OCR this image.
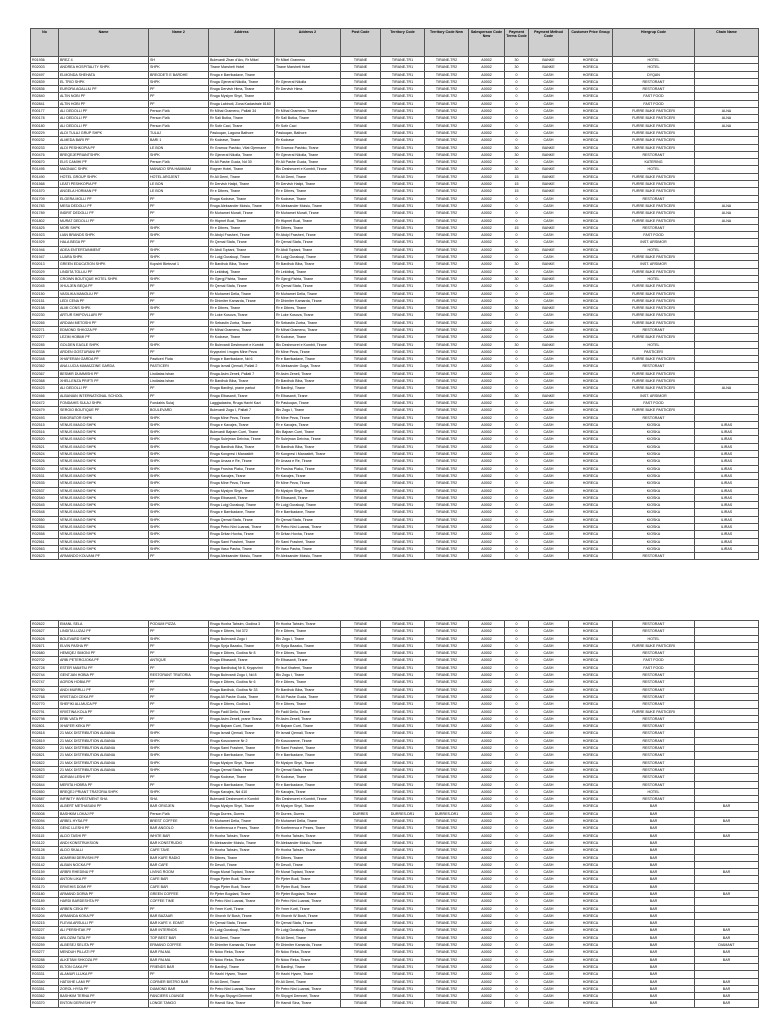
No	Name	Name 2	Address	Address 2	Post Code	Territory Code	Territory Code New	Salesperson Code New	Payment Terms Code	Payment Method Code	Customer Price Group	Hiergrup Code	Chain Name
R01936	BREZ 4	SH	Bulevardi Zhan d'Arc, Rr Mikel	Rr Mikel Grameno	TIRANE	TIRANE-TR1	TIRANE-TR2	A0002	30	BANKE	HORECA	HOTEL	
R02003	ANDREA HOSPITALITY SHPK	SHPK	Tirane Marsheti Hotel	Tirane Marsheti Hotel	TIRANE	TIRANE-TR1	TIRANE-TR2	A0002	30	BANKE	HORECA	HOTEL	
R02497	ELMONDA SHEHATA	BREGDETI E BARDHE	Rruga e Barrikadave, Tirane		TIRANE	TIRANE-TR1	TIRANE-TR2	A0002	0	CASH	HORECA	DYQAN	
R02839	EL TRIO SHPK	SHPK	Rruga Gjeneral Nikolla, Tirane	Rr Gjeneral Nikolla	TIRANE	TIRANE-TR1	TIRANE-TR2	A0002	0	CASH	HORECA	RESTORANT	
R02836	EURORA AGALLIU PF	PF	Rruga Dervish Hima, Tirane	Rr Dervish Hima	TIRANE	TIRANE-TR1	TIRANE-TR2	A0002	0	CASH	HORECA	RESTORANT	
R02840	ALTIN NOBI PF	PF	Rruga Myslym Shyri, Tirane		TIRANE	TIRANE-TR1	TIRANE-TR2	A0002	0	CASH	HORECA	FAST FOOD	
R02841	ALTIN HOBI PF	PF	Rruga Labinoti, Zona Kadastrale 8160		TIRANE	TIRANE-TR1	TIRANE-TR2	A0002	0	CASH	HORECA	FAST FOOD	
R00177	ALI DEDOLLI PF	Person Fizik	Rr Mihal Grameno, Pallati 34	Rr Mihal Grameno, Tirane	TIRANE	TIRANE-TR1	TIRANE-TR2	A0002	0	CASH	HORECA	FURRE BUKE PASTICERI	ALNA
R00178	ALI DEDOLLI PF	Person Fizik	Rr Sali Butka, Tirane	Rr Sali Butka, Tirane	TIRANE	TIRANE-TR1	TIRANE-TR2	A0002	0	CASH	HORECA	FURRE BUKE PASTICERI	ALNA
R00180	ALI DEDOLLI PF	Person Fizik	Rr Sotir Caci, Tirane	Rr Sotir Caci	TIRANE	TIRANE-TR1	TIRANE-TR2	A0002	0	CASH	HORECA	FURRE BUKE PASTICERI	ALNA
R00229	ALDI TULAJ GRUP SHPK	TULAJ	Paskuqan, Laguna Bathore	Paskuqan, Bathore	TIRANE	TIRANE-TR1	TIRANE-TR2	A0002	0	CASH	HORECA	FURRE BUKE PASTICERI	
R00232	ALMEDA BARI PF	BARI 1	Rr Kodrave, Tirane	Rr Kodrave	TIRANE	TIRANE-TR1	TIRANE-TR2	A0002	0	CASH	HORECA	FURRE BUKE PASTICERI	
R00233	ALDI PESHKOPIA PF	LE BON	Rr Gramoz Pashko, Vilat Gjermane	Rr Gramoz Pashko, Tirane	TIRANE	TIRANE-TR1	TIRANE-TR2	A0002	30	BANKE	HORECA	FURRE BUKE PASTICERI	
R00476	BREQEJEPRIANTSHPK	SHPK	Rr Gjeneral Nikolla, Tirane	Rr Gjeneral Nikolla, Tirane	TIRANE	TIRANE-TR1	TIRANE-TR2	A0002	30	BANKE	HORECA	RESTORANT	
R00670	ELIS CAMIHI PF	Person Fizik	Rr Ali Pashe Gucia, Nd 30	Rr Ali Pashe Gucia, Tirane	TIRANE	TIRANE-TR1	TIRANE-TR2	A0002	0	CASH	HORECA	KATERING	
R01495	MAGNAIC SHPK	MANADO SPA HAMMAM	Rogner Hotel, Tirane	Blv Deshmoret e Kombit, Tirane	TIRANE	TIRANE-TR1	TIRANE-TR2	A0002	30	BANKE	HORECA	HOTEL	
R01490	HOTEL GROUP SHPK	HOTEL ARGJENT	Rr Ali Demi, Tirane	Rr Ali Demi, Tirane	TIRANE	TIRANE-TR1	TIRANE-TR2	A0002	15	BANKE	HORECA	FURRE BUKE PASTICERI	
R01568	LEATI PESHKOPIA PF	LE BON	Rr Dervish Hatipi, Tirane	Rr Dervish Hatipi, Tirane	TIRANE	TIRANE-TR1	TIRANE-TR2	A0002	15	BANKE	HORECA	FURRE BUKE PASTICERI	
R01570	ANGELA HORMAN PF	LE BON	Rr e Dibres, Tirane	Rr e Dibres, Tirane	TIRANE	TIRANE-TR1	TIRANE-TR2	A0002	15	BANKE	HORECA	FURRE BUKE PASTICERI	
R01709	ELGERA MOLLI PF	PF	Rruga Kodrave, Tirane	Rr Kodrave, Tirane	TIRANE	TIRANE-TR1	TIRANE-TR2	A0002	0	CASH	HORECA	RESTORANT	
R01783	MESA DEDOLLI PF	PF	Rruga Aleksander Moisiu, Tirane	Rr Aleksander Moisiu, Tirane	TIRANE	TIRANE-TR1	TIRANE-TR2	A0002	0	CASH	HORECA	FURRE BUKE PASTICERI	ALNA
R01789	INDRIT DEDOLLI PF	PF	Rr Muhamet Murati, Tirane	Rr Muhamet Murati, Tirane	TIRANE	TIRANE-TR1	TIRANE-TR2	A0002	0	CASH	HORECA	FURRE BUKE PASTICERI	ALNA
R01802	MURAT DEDOLLI PF	PF	Rr Hiqmet Buzi, Tirane	Rr Hiqmet Buzi, Tirane	TIRANE	TIRANE-TR1	TIRANE-TR2	A0002	0	CASH	HORECA	FURRE BUKE PASTICERI	ALNA
R01825	MORI SHPK	SHPK	Rr e Dibres, Tirane	Rr Dibres, Tirane	TIRANE	TIRANE-TR1	TIRANE-TR2	A0002	15	BANKE	HORECA	RESTORANT	
R01923	LIAN BRANDS SHPK	SHPK	Rr Abdyl Frasheri, Tirane	Rr Abdyl Frasheri, Tirane	TIRANE	TIRANE-TR1	TIRANE-TR2	A0002	0	CASH	HORECA	FAST FOOD	
R01929	HALA BEGA PF	PF	Rr Qemal Stafa, Tirane	Rr Qemal Stafa, Tirane	TIRANE	TIRANE-TR1	TIRANE-TR2	A0002	0	CASH	HORECA	INST. ARSIMOR	
R01946	ADEA ENTERTAINMENT	SHPK	Rr Abdi Toptani, Tirane	Rr Abdi Toptani, Tirane	TIRANE	TIRANE-TR1	TIRANE-TR2	A0002	30	BANKE	HORECA	HOTEL	
R01947	LUARA SHPK	SHPK	Rr Luigj Gurakuqi, Tirane	Rr Luigj Gurakuqi, Tirane	TIRANE	TIRANE-TR1	TIRANE-TR2	A0002	0	CASH	HORECA	FURRE BUKE PASTICERI	
R02013	GREEN EDUCATION SHPK	Kopshti Bletezat 1	Rr Bardhok Biba, Tirane	Rr Bardhok Biba, Tirane	TIRANE	TIRANE-TR1	TIRANE-TR2	A0002	30	BANKE	HORECA	INST. ARSIMOR	
R02029	LINDITA TOLLIU PF	PF	Rr Lekbibaj, Tirane	Rr Lekbibaj, Tirane	TIRANE	TIRANE-TR1	TIRANE-TR2	A0002	0	CASH	HORECA	FURRE BUKE PASTICERI	
R02036	CROWN BOUTIQUE HOTEL SHPK	SHPK	Rr Gjergj Fishta, Tirane	Rr Gjergj Fishta, Tirane	TIRANE	TIRANE-TR1	TIRANE-TR2	A0002	30	BANKE	HORECA	HOTEL	
R02045	XHULJEN BEQA PF	PF	Rr Qemal Stafa, Tirane	Rr Qemal Stafa, Tirane	TIRANE	TIRANE-TR1	TIRANE-TR2	A0002	0	CASH	HORECA	FURRE BUKE PASTICERI	
R02150	VASILIKA MANOLIU PF	PF	Rr Muhamet Delia, Tirane	Rr Muhamet Delia, Tirane	TIRANE	TIRANE-TR1	TIRANE-TR2	A0002	0	CASH	HORECA	FURRE BUKE PASTICERI	
R02151	LEDI CENA PF	PF	Rr Dhimiter Kamarda, Tirane	Rr Dhimiter Kamarda, Tirane	TIRANE	TIRANE-TR1	TIRANE-TR2	A0002	0	CASH	HORECA	FURRE BUKE PASTICERI	
R02158	ALMI CONS SHPK	SHPK	Rr e Dibres, Tirane	Rr e Dibres, Tirane	TIRANE	TIRANE-TR1	TIRANE-TR2	A0002	30	BANKE	HORECA	FURRE BUKE PASTICERI	
R02230	ARTUR SHIPOVLLARI PF	PF	Rr Loke Kosova, Tirane	Rr Loke Kosova, Tirane	TIRANE	TIRANE-TR1	TIRANE-TR2	A0002	0	CASH	HORECA	FURRE BUKE PASTICERI	
R02265	ARDIAN METOSHI PF	PF	Rr Sebastin Zorba, Tirane	Rr Sebastin Zorba, Tirane	TIRANE	TIRANE-TR1	TIRANE-TR2	A0002	0	CASH	HORECA	FURRE BUKE PASTICERI	
R02271	EDMOND SHKOZA PF	PF	Rr Mihal Grameno, Tirane	Rr Mihal Grameno, Tirane	TIRANE	TIRANE-TR1	TIRANE-TR2	A0002	0	CASH	HORECA	RESTORANT	
R02277	LEZIM HOBIMI PF	PF	Rr Kodrave, Tirane	Rr Kodrave, Tirane	TIRANE	TIRANE-TR1	TIRANE-TR2	A0002	0	CASH	HORECA	FURRE BUKE PASTICERI	
R02285	GOLDEN EAGLE SHPK	SHPK	Rr Bulevardi Deshmoret e Kombit	Blv Deshmoret e Kombit, Tirane	TIRANE	TIRANE-TR1	TIRANE-TR2	A0002	30	BANKE	HORECA	HOTEL	
R02338	ARDEN GOSTURANI PF	PF	Kryqezimi i rruges Mine Peza	Rr Mine Peza, Tirane	TIRANE	TIRANE-TR1	TIRANE-TR2	A0002	0	CASH	HORECA	PASTICERI	
R02348	XHAFERAN GARDA PF	Pasticeri Fluta	Rruga e Barrikadave, Nd 6	Rr e Barrikadave, Tirane	TIRANE	TIRANE-TR1	TIRANE-TR2	A0002	0	CASH	HORECA	FURRE BUKE PASTICERI	
R02362	ANA LUCIA MAMAZZINE GARDA	PASTICERI	Rruga Ismail Qemali, Pallati 2	Rr Aleksander Goga, Tirane	TIRANE	TIRANE-TR1	TIRANE-TR2	A0002	0	CASH	HORECA	RESTORANT	
R02367	BESMIR DUMMISHI PF	Lindlatas Ishan	Rruga Asim Zeneli, Pallati 7	Rr Asim Zeneli, Tirane	TIRANE	TIRANE-TR1	TIRANE-TR2	A0002	0	CASH	HORECA	FURRE BUKE PASTICERI	
R02368	XHELLENZA PRIFTI PF	Lindlatas Ishan	Rr Bardhok Biba, Tirane	Rr Bardhok Biba, Tirane	TIRANE	TIRANE-TR1	TIRANE-TR2	A0002	0	CASH	HORECA	FURRE BUKE PASTICERI	
R02423	ALI DEDOLLI PF	PF	Rruga Bardhyl, prane parkut	Rr Bardhyl, Tirane	TIRANE	TIRANE-TR1	TIRANE-TR2	A0002	0	CASH	HORECA	FURRE BUKE PASTICERI	ALNA
R02466	ALBANIAN INTERNATIONAL SCHOOL	PF	Rruga Elbasanit, Tirane	Rr Elbasanit, Tirane	TIRANE	TIRANE-TR1	TIRANE-TR2	A0002	30	BANKE	HORECA	INST. ARSIMOR	
R02472	FONDAHIS SULAJ SHPK	Fondahis Sulaj	Laggjadastra, Rruga Haxhi Kazi	Rr Paskuqan, Tirane	TIRANE	TIRANE-TR1	TIRANE-TR2	A0002	0	CASH	HORECA	FAST FOOD	
R02479	SERGIO BOUTIQUE PF	BOULEVARD	Bulevardi Zogu I, Pallati 7	Blv Zogu I, Tirane	TIRANE	TIRANE-TR1	TIRANE-TR2	A0002	0	CASH	HORECA	FURRE BUKE PASTICERI	
R02493	EMIGRATOR SHPK	SHPK	Rruga Mine Peza, Tirane	Rr Mine Peza, Tirane	TIRANE	TIRANE-TR1	TIRANE-TR2	A0002	0	CASH	HORECA	RESTORANT	
R02515	VENUS IMAGO SHPK	SHPK	Rruga e Kavajes, Tirane	Rr e Kavajes, Tirane	TIRANE	TIRANE-TR1	TIRANE-TR2	A0002	0	CASH	HORECA	KIOSKA	ILIRAS
R02516	VENUS IMAGO SHPK	SHPK	Bulevardi Bajram Curri, Tirane	Blv Bajram Curri, Tirane	TIRANE	TIRANE-TR1	TIRANE-TR2	A0002	0	CASH	HORECA	KIOSKA	ILIRAS
R02520	VENUS IMAGO SHPK	SHPK	Rruga Sulejman Delvina, Tirane	Rr Sulejman Delvina, Tirane	TIRANE	TIRANE-TR1	TIRANE-TR2	A0002	0	CASH	HORECA	KIOSKA	ILIRAS
R02521	VENUS IMAGO SHPK	SHPK	Rruga Bardhok Biba, Tirane	Rr Bardhok Biba, Tirane	TIRANE	TIRANE-TR1	TIRANE-TR2	A0002	0	CASH	HORECA	KIOSKA	ILIRAS
R02524	VENUS IMAGO SHPK	SHPK	Rruga Kongresi i Manastirit	Rr Kongresi i Manastirit, Tirane	TIRANE	TIRANE-TR1	TIRANE-TR2	A0002	0	CASH	HORECA	KIOSKA	ILIRAS
R02526	VENUS IMAGO SHPK	SHPK	Rruga Unaza e Re, Tirane	Rr Unaza e Re, Tirane	TIRANE	TIRANE-TR1	TIRANE-TR2	A0002	0	CASH	HORECA	KIOSKA	ILIRAS
R02530	VENUS IMAGO SHPK	SHPK	Rruga Frosina Plaku, Tirane	Rr Frosina Plaku, Tirane	TIRANE	TIRANE-TR1	TIRANE-TR2	A0002	0	CASH	HORECA	KIOSKA	ILIRAS
R02531	VENUS IMAGO SHPK	SHPK	Rruga Kavajes, Tirane	Rr Kavajes, Tirane	TIRANE	TIRANE-TR1	TIRANE-TR2	A0002	0	CASH	HORECA	KIOSKA	ILIRAS
R02535	VENUS IMAGO SHPK	SHPK	Rruga Mine Peza, Tirane	Rr Mine Peza, Tirane	TIRANE	TIRANE-TR1	TIRANE-TR2	A0002	0	CASH	HORECA	KIOSKA	ILIRAS
R02537	VENUS IMAGO SHPK	SHPK	Rruga Myslym Shyri, Tirane	Rr Myslym Shyri, Tirane	TIRANE	TIRANE-TR1	TIRANE-TR2	A0002	0	CASH	HORECA	KIOSKA	ILIRAS
R02540	VENUS IMAGO SHPK	SHPK	Rruga Elbasanit, Tirane	Rr Elbasanit, Tirane	TIRANE	TIRANE-TR1	TIRANE-TR2	A0002	0	CASH	HORECA	KIOSKA	ILIRAS
R02545	VENUS IMAGO SHPK	SHPK	Rruga Luigj Gurakuqi, Tirane	Rr Luigj Gurakuqi, Tirane	TIRANE	TIRANE-TR1	TIRANE-TR2	A0002	0	CASH	HORECA	KIOSKA	ILIRAS
R02548	VENUS IMAGO SHPK	SHPK	Rruga e Barrikadave, Tirane	Rr e Barrikadave, Tirane	TIRANE	TIRANE-TR1	TIRANE-TR2	A0002	0	CASH	HORECA	KIOSKA	ILIRAS
R02550	VENUS IMAGO SHPK	SHPK	Rruga Qemal Stafa, Tirane	Rr Qemal Stafa, Tirane	TIRANE	TIRANE-TR1	TIRANE-TR2	A0002	0	CASH	HORECA	KIOSKA	ILIRAS
R02554	VENUS IMAGO SHPK	SHPK	Rruga Petro Nini Luarasi, Tirane	Rr Petro Nini Luarasi, Tirane	TIRANE	TIRANE-TR1	TIRANE-TR2	A0002	0	CASH	HORECA	KIOSKA	ILIRAS
R02558	VENUS IMAGO SHPK	SHPK	Rruga Dritan Hoxha, Tirane	Rr Dritan Hoxha, Tirane	TIRANE	TIRANE-TR1	TIRANE-TR2	A0002	0	CASH	HORECA	KIOSKA	ILIRAS
R02561	VENUS IMAGO SHPK	SHPK	Rruga Sami Frasheri, Tirane	Rr Sami Frasheri, Tirane	TIRANE	TIRANE-TR1	TIRANE-TR2	A0002	0	CASH	HORECA	KIOSKA	ILIRAS
R02563	VENUS IMAGO SHPK	SHPK	Rruga Vaso Pasha, Tirane	Rr Vaso Pasha, Tirane	TIRANE	TIRANE-TR1	TIRANE-TR2	A0002	0	CASH	HORECA	KIOSKA	ILIRAS
R02623	ARMANDO KOLVANI PF	PF	Rruga Aleksander Moisiu, Tirane	Rr Aleksander Moisiu, Tirane	TIRANE	TIRANE-TR1	TIRANE-TR2	A0002	0	CASH	HORECA	RESTORANT	
R02622	EMANL SELA	PODIUM PIZZA	Rruga Hoxha Tahsim, Godina 3	Rr Hoxha Tahsim, Tirane	TIRANE	TIRANE-TR1	TIRANE-TR2	A0002	0	CASH	HORECA	RESTORANT	
R02627	LINDITA LUZAJ PF	PF	Rruga e Dibres, Nd 372	Rr e Dibres, Tirane	TIRANE	TIRANE-TR1	TIRANE-TR2	A0002	0	CASH	HORECA	RESTORANT	
R02628	BOLEVARD SHPK	SHPK	Rruga Bulevardi Zogu I	Blv Zogu I, Tirane	TIRANE	TIRANE-TR1	TIRANE-TR2	A0002	0	CASH	HORECA	HOTEL	
R02671	ELVIN PASHA PF	PF	Rruga Syrja Bazaku, Tirane	Rr Syrja Bazaku, Tirane	TIRANE	TIRANE-TR1	TIRANE-TR2	A0002	0	CASH	HORECA	FURRE BUKE PASTICERI	
R02680	HEMIQEJ SIMONI PF	PF	Rruga e Dibres, Godina Nr 8	Rr e Dibres, Tirane	TIRANE	TIRANE-TR1	TIRANE-TR2	A0002	0	CASH	HORECA	RESTORANT	
R02702	ARBI PETERGJOKA PF	ANTIQUE	Rruga Elbasanit, Tirane	Rr Elbasanit, Tirane	TIRANE	TIRANE-TR1	TIRANE-TR2	A0002	0	CASH	HORECA	FAST FOOD	
R02728	ESTER MAMTIU PF	PF	Rruga Bardhokaj Nr 8, Kryqezimi	Rr Isuf Xhaferri, Tirane	TIRANE	TIRANE-TR1	TIRANE-TR2	A0002	0	CASH	HORECA	FAST FOOD	
R02744	GENTJAN HOBIA PF	RESTORANT TRATORIA	Rruga Bulevardi Zogu I, Nd 8	Blv Zogu I, Tirane	TIRANE	TIRANE-TR1	TIRANE-TR2	A0002	0	CASH	HORECA	RESTORANT	
R02747	AGRON HOBIA PF	PF	Rruga e Dibres, Godina Nr 6	Rr e Dibres, Tirane	TIRANE	TIRANE-TR1	TIRANE-TR2	A0002	0	CASH	HORECA	RESTORANT	
R02760	ANDI MURRLLI PF	PF	Rruga Bardhok, Godina Nr 33	Rr Bardhok Biba, Tirane	TIRANE	TIRANE-TR1	TIRANE-TR2	A0002	0	CASH	HORECA	RESTORANT	
R02768	KRISTIADI CEKA PF	PF	Rruga Ali Pashe Gucia, Tirane	Rr Ali Pashe Gucia, Tirane	TIRANE	TIRANE-TR1	TIRANE-TR2	A0002	0	CASH	HORECA	RESTORANT	
R02770	SHEFIKI ALLMUCA PF	PF	Rruga e Dibres, Godina 1	Rr e Dibres, Tirane	TIRANE	TIRANE-TR1	TIRANE-TR2	A0002	0	CASH	HORECA	RESTORANT	
R02791	KRISTINA KOLA PF	PF	Rruga Fadil Deliu, Tirane	Rr Fadil Deliu, Tirane	TIRANE	TIRANE-TR1	TIRANE-TR2	A0002	0	CASH	HORECA	FURRE BUKE PASTICERI	
R02798	ERBI VATA PF	PF	Rruga Asim Zeneli, prane Tirana	Rr Asim Zeneli, Tirane	TIRANE	TIRANE-TR1	TIRANE-TR2	A0002	0	CASH	HORECA	RESTORANT	
R02801	XHAFER KEKA PF	PF	Rruga Bajram Curri, Tirane	Rr Bajram Curri, Tirane	TIRANE	TIRANE-TR1	TIRANE-TR2	A0002	0	CASH	HORECA	RESTORANT	
R02818	21 MAX DISTRIBUTION ALBANIA	SHPK	Rruga Ismail Qemali, Tirane	Rr Ismail Qemali, Tirane	TIRANE	TIRANE-TR1	TIRANE-TR2	A0002	0	CASH	HORECA	RESTORANT	
R02819	21 MAX DISTRIBUTION ALBANIA	SHPK	Rruga Kosovareve Nr 2	Rr Kosovareve, Tirane	TIRANE	TIRANE-TR1	TIRANE-TR2	A0002	0	CASH	HORECA	RESTORANT	
R02820	21 MAX DISTRIBUTION ALBANIA	SHPK	Rruga Sami Frasheri, Tirane	Rr Sami Frasheri, Tirane	TIRANE	TIRANE-TR1	TIRANE-TR2	A0002	0	CASH	HORECA	RESTORANT	
R02821	21 MAX DISTRIBUTION ALBANIA	SHPK	Rruga e Barrikadave, Tirane	Rr e Barrikadave, Tirane	TIRANE	TIRANE-TR1	TIRANE-TR2	A0002	0	CASH	HORECA	RESTORANT	
R02822	21 MAX DISTRIBUTION ALBANIA	SHPK	Rruga Myslym Shyri, Tirane	Rr Myslym Shyri, Tirane	TIRANE	TIRANE-TR1	TIRANE-TR2	A0002	0	CASH	HORECA	RESTORANT	
R02823	21 MAX DISTRIBUTION ALBANIA	SHPK	Rruga Qemal Stafa, Tirane	Rr Qemal Stafa, Tirane	TIRANE	TIRANE-TR1	TIRANE-TR2	A0002	0	CASH	HORECA	RESTORANT	
R02837	ADRIAN LESHI PF	PF	Rruga Kodrave, Tirane	Rr Kodrave, Tirane	TIRANE	TIRANE-TR1	TIRANE-TR2	A0002	0	CASH	HORECA	RESTORANT	
R02844	MERITA HOBRA PF	PF	Rruga e Barrikadave, Tirane	Rr e Barrikadave, Tirane	TIRANE	TIRANE-TR1	TIRANE-TR2	A0002	0	CASH	HORECA	RESTORANT	
R02850	BREQEJ PRIANT TRATORIA SHPK	SHPK	Rruga Kavajes, Nd 410	Rr Kavajes, Tirane	TIRANE	TIRANE-TR1	TIRANE-TR2	A0002	0	CASH	HORECA	HOTEL	
R02887	INFINITY INVESTMENT SHA	SHA	Bulevardi Deshmoret e Kombit	Blv Deshmoret e Kombit, Tirane	TIRANE	TIRANE-TR1	TIRANE-TR2	A0002	0	CASH	HORECA	RESTORANT	
R03001	ALBERT METHASANI PF	BAR ORIGJEN	Rruga Myslym Shyri, Tirane	Rr Myslym Shyri, Tirane	TIRANE	TIRANE-TR1	TIRANE-TR2	A0002	0	CASH	HORECA	BAR	BAR
R03008	BASHKIM LOKAJ PF	Person Fizik	Rruga Durres, Durres	Rr Durres, Durres	DURRES	DURRES-DR1	DURRES-DR1	A0003	0	CASH	HORECA	BAR	
R03094	ARBEL HYSA PF	BREST COFFEE	Rr Muhamet Delia, Tirane	Rr Muhamet Delia, Tirane	TIRANE	TIRANE-TR1	TIRANE-TR2	A0002	0	CASH	HORECA	BAR	BAR
R03101	GENC LLESHI PF	BAR ANGOLO	Rr Konferenca e Pezes, Tirane	Rr Konferenca e Pezes, Tirane	TIRANE	TIRANE-TR1	TIRANE-TR2	A0002	0	CASH	HORECA	BAR	
R03115	ALDO TASHI PF	WHITE BAR	Rr Hoxha Tahsim, Tirane	Rr Hoxha Tahsim, Tirane	TIRANE	TIRANE-TR1	TIRANE-TR2	A0002	0	CASH	HORECA	BAR	BAR
R03122	ANDI KONSTRUKSION	BAR KONSTRUDIO	Rr Aleksander Moisiu, Tirane	Rr Aleksander Moisiu, Tirane	TIRANE	TIRANE-TR1	TIRANE-TR2	A0002	0	CASH	HORECA	BAR	
R03128	ALDO SKALLI	CAFE TAVE	Rr Hoxha Tahsim, Tirane	Rr Hoxha Tahsim, Tirane	TIRANE	TIRANE-TR1	TIRANE-TR2	A0002	0	CASH	HORECA	BAR	
R03135	ADMIRIM DERVISHI PF	BAR KAFE RADIO	Rr Dibres, Tirane	Rr Dibres, Tirane	TIRANE	TIRANE-TR1	TIRANE-TR2	A0002	0	CASH	HORECA	BAR	
R03142	ALBAN NOCKA PF	BAR CAFE	Rr Devoll, Tirane	Rr Devoll, Tirane	TIRANE	TIRANE-TR1	TIRANE-TR2	A0002	0	CASH	HORECA	BAR	
R03159	ARBRI RHEDINU PF	LIVING ROOM	Rruga Murat Toptani, Tirane	Rr Murat Toptani, Tirane	TIRANE	TIRANE-TR1	TIRANE-TR2	A0002	0	CASH	HORECA	BAR	BAR
R03160	ANTON LIKA PF	CAFE BAR	Rruga Pjeter Budi, Tirane	Rr Pjeter Budi, Tirane	TIRANE	TIRANE-TR1	TIRANE-TR2	A0002	0	CASH	HORECA	BAR	
R03170	ERVEHIS DOMI PF	CAFE BAR	Rruga Pjeter Budi, Tirane	Rr Pjeter Budi, Tirane	TIRANE	TIRANE-TR1	TIRANE-TR2	A0002	0	CASH	HORECA	BAR	
R03180	ARMAND DORIA PF	GREEN COFFEE	Rr Pjeter Bogdani, Tirane	Rr Pjeter Bogdani, Tirane	TIRANE	TIRANE-TR1	TIRANE-TR2	A0002	0	CASH	HORECA	BAR	BAR
R03189	HARDI BARDESHTA PF	COFFEE TIME	Rr Petro Nini Luarasi, Tirane	Rr Petro Nini Luarasi, Tirane	TIRANE	TIRANE-TR1	TIRANE-TR2	A0002	0	CASH	HORECA	BAR	
R03190	ARBEN CEKA PF	PF	Rr Ymer Kurti, Tirane	Rr Ymer Kurti, Tirane	TIRANE	TIRANE-TR1	TIRANE-TR2	A0002	0	CASH	HORECA	BAR	
R03204	ARMANDA KOKA PF	BAR BAZAAR	Rr Xhorxh W Bush, Tirane	Rr Xhorxh W Bush, Tirane	TIRANE	TIRANE-TR1	TIRANE-TR2	A0002	0	CASH	HORECA	BAR	
R03215	FLEVIA ARSULLI PF	BAR KAFE V. EDMIT	Rr Qemal Stafa, Tirane	Rr Qemal Stafa, Tirane	TIRANE	TIRANE-TR1	TIRANE-TR2	A0002	0	CASH	HORECA	BAR	
R03227	ALI PERSHTAK PF	BAR INTERNOS	Rr Luigj Gurakuqi, Tirane	Rr Luigj Gurakuqi, Tirane	TIRANE	TIRANE-TR1	TIRANE-TR2	A0002	0	CASH	HORECA	BAR	BAR
R03248	ARLOZIM TATA PF	TOP BEST BAR	Rr Ali Demi, Tirane	Rr Ali Demi, Tirane	TIRANE	TIRANE-TR1	TIRANE-TR2	A0002	0	CASH	HORECA	BAR	BAR
R03259	ALBESEJ SELITA PF	ERMANO COFFEE	Rr Dhimiter Kamarda, Tirane	Rr Dhimiter Kamarda, Tirane	TIRANE	TIRANE-TR1	TIRANE-TR2	A0002	0	CASH	HORECA	BAR	DIAMANT
R03277	MENDUH PILLATI PF	BAR PALMA	Rr Ndoc Reka, Tirane	Rr Ndoc Reka, Tirane	TIRANE	TIRANE-TR1	TIRANE-TR2	A0002	0	CASH	HORECA	BAR	BAR
R03288	ALKETAM SHKOZA PF	BAR PALMA	Rr Ndoc Reka, Tirane	Rr Ndoc Reka, Tirane	TIRANE	TIRANE-TR1	TIRANE-TR2	A0002	0	CASH	HORECA	BAR	BAR
R03302	ELTON CAKA PF	FRIENDS BAR	Rr Bardhyl, Tirane	Rr Bardhyl, Tirane	TIRANE	TIRANE-TR1	TIRANE-TR2	A0002	0	CASH	HORECA	BAR	
R03331	ALAMUR LLUKA PF	PF	Rr Haxhi Hysen, Tirane	Rr Haxhi Hysen, Tirane	TIRANE	TIRANE-TR1	TIRANE-TR2	A0002	0	CASH	HORECA	BAR	
R03340	HATIXHE LAMI PF	CORNER BISTRO BAR	Rr Ali Demi, Tirane	Rr Ali Demi, Tirane	TIRANE	TIRANE-TR1	TIRANE-TR2	A0002	0	CASH	HORECA	BAR	BAR
R03351	ZOROL HYSA PF	DIAMOND BAR	Rr Petro Nini Luarasi, Tirane	Rr Petro Nini Luarasi, Tirane	TIRANE	TIRANE-TR1	TIRANE-TR2	A0002	0	CASH	HORECA	BAR	BAR
R03362	BASHKIM TERNA PF	FANCIERS LOUNGE	Rr Rruga Shyqyri Demneri	Rr Shyqyri Demneri, Tirane	TIRANE	TIRANE-TR1	TIRANE-TR2	A0002	0	CASH	HORECA	BAR	BAR
R03370	ENTON DERVISHI PF	LONGE TANGO	Rr Hamdi Sina, Tirane	Rr Hamdi Sina, Tirane	TIRANE	TIRANE-TR1	TIRANE-TR2	A0002	0	CASH	HORECA	BAR	BAR
